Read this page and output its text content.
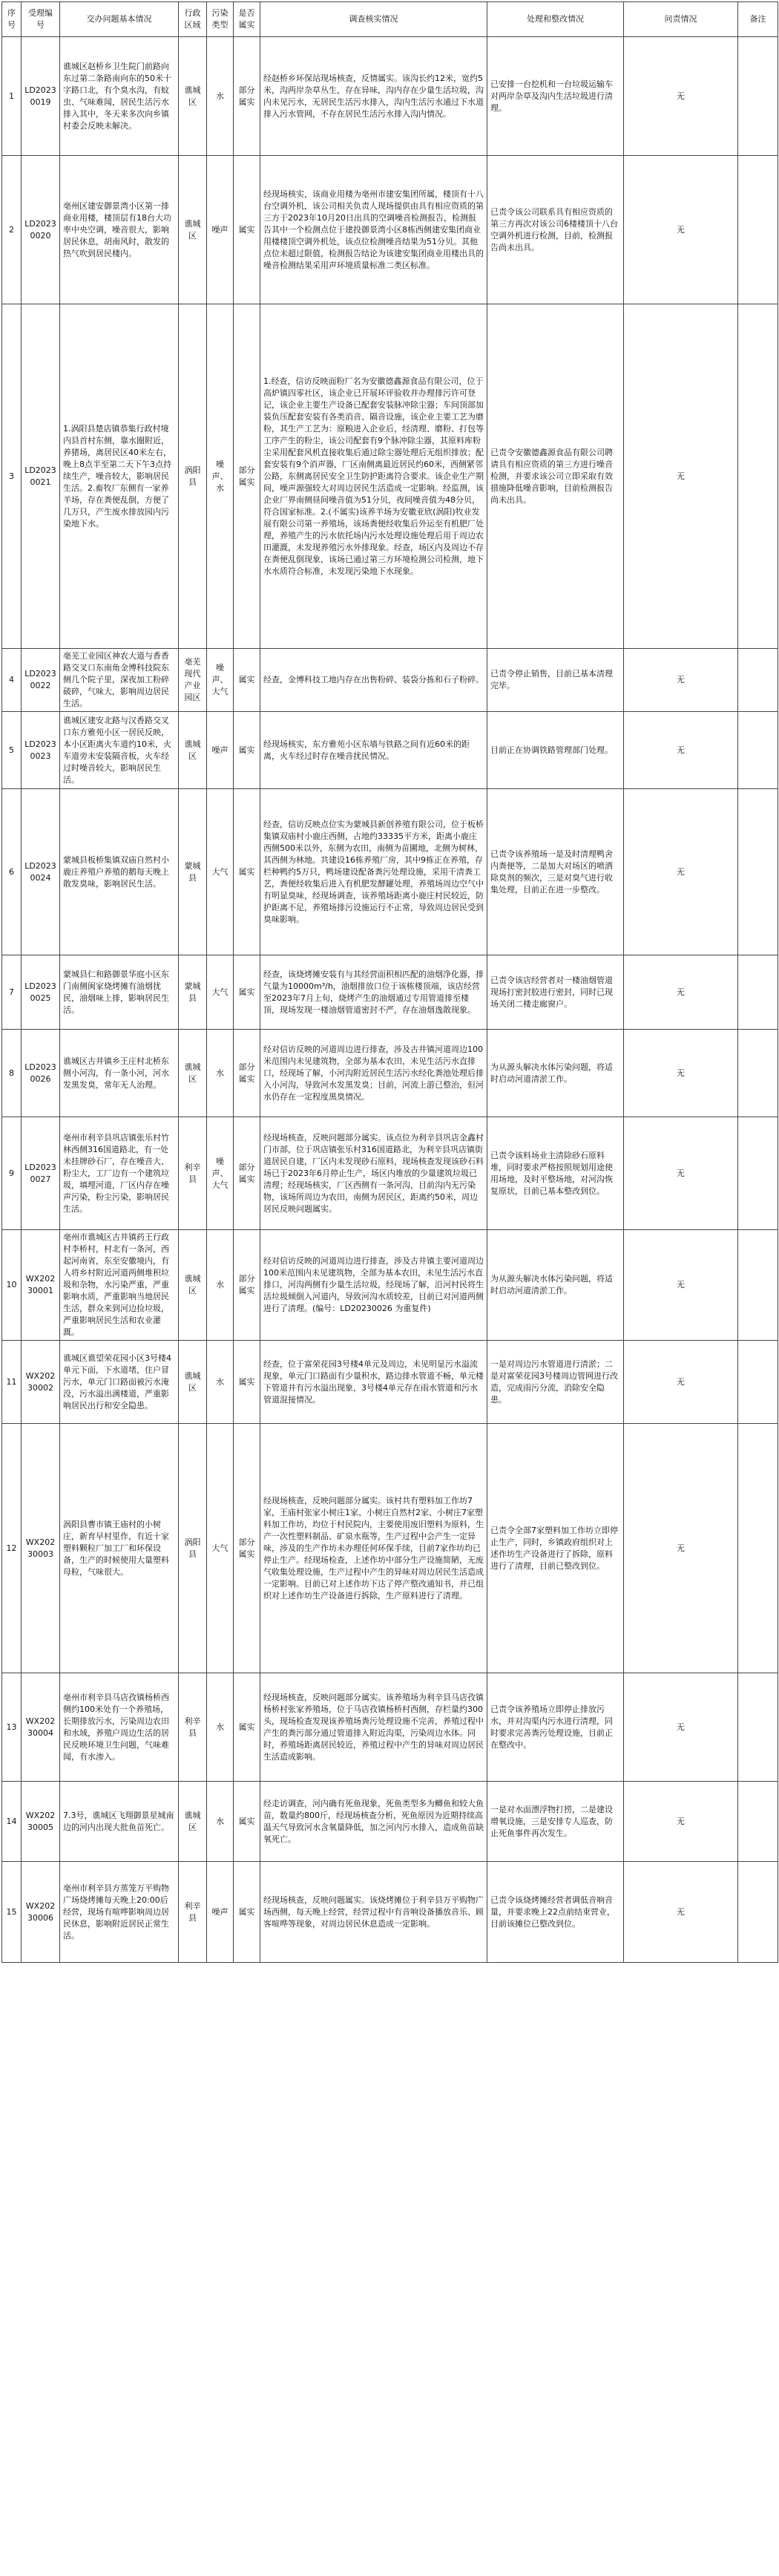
序号	受理编号	交办问题基本情况	行政区域	污染类型	是否属实	调查核实情况	处理和整改情况	问责情况	备注
1	LD20230019	谯城区赵桥乡卫生院门前路向东过第二条路南向东的50米十字路口北，有个臭水沟，有蚊虫、气味难闻，居民生活污水排入其中，冬天来多次向乡镇村委会反映未解决。	谯城区	水	部分属实	经赵桥乡环保站现场核查，反情属实。该沟长约12米，宽约5米，沟两岸杂草丛生，存在异味，沟内存在少量生活垃圾，沟内未见污水，无居民生活污水排入，沟内生活污水通过下水道排入污水管网，不存在居民生活污水排入沟内情况。	已安排一台挖机和一台垃圾运输车对两岸杂草及沟内生活垃圾进行清理。	无	
2	LD20230020	亳州区建安御景湾小区第一排商业用楼，楼顶层有18台大功率中央空调，噪音很大，影响居民休息，胡南风时，散发的热气吹到居民楼内。	谯城区	噪声	属实	经现场核实，该商业用楼为亳州市建安集团所属，楼顶有十八台空调外机，该公司相关负责人现场提供由具有相应资质的第三方于2023年10月20日出具的空调噪音检测报告，检测报告其中一个检测点位于建投御景湾小区8栋西侧建安集团商业用楼楼顶空调外机处，该点位检测噪音结果为51分贝。其他点位未超过限值，检测报告结论为该建安集团商业用楼出具的噪音检测结果采用声环境质量标准二类区标准。	已责令该公司联系具有相应资质的第三方再次对该公司6楼楼顶十八台空调外机进行检测，目前，检测报告尚未出具。	无	
3	LD20230021	1.涡阳县楚店镇恭集行政村境内县首村东侧，靠水圈附近，养猪场，离居民区40米左右，晚上8点半至第二天下午3点持续生产，噪音较大，影响居民生活。2.畜牧厂东侧有一家养羊场，存在粪便乱倒，方便了几万只，产生废水排放园内污染地下水。	涡阳县	噪声、水	部分属实	1.经查，信访反映面粉厂名为安徽德鑫源食品有限公司，位于高炉镇四零社区，该企业已开展环评验收并办理排污许可登记，该企业主要生产设备已配套安装脉冲除尘器；车间顶部加装负压配套安装有各类消音、隔音设施，该企业主要工艺为磨粉，其生产工艺为：原粮进入企业后，经清理、磨粉、打包等工序产生的粉尘，该公司配套有9个脉冲除尘器，其原料库粉尘采用配套风机直接收集后通过除尘器处理后无组织排放；配套安装有9个消声器，厂区南侧离最近居民约60米，西侧紧邻公路，东侧离居民安全卫生防护距离符合要求。该企业生产期间，噪声源强较大对周边居民生活造成一定影响。经监测，该企业厂界南侧昼间噪音值为51分贝，夜间噪音值为48分贝，符合国家标准。2.(不属实)该养羊场为安徽亚欣(涡阳)牧业发展有限公司第一养殖场，该场粪便经收集后外运至有机肥厂处理，养殖产生的污水依托场内污水处理设施处理后用于周边农田灌溉，未发现养殖污水外排现象。经查，场区内及周边不存在粪便乱倒现象，该场已通过第三方环境检测公司检测，地下水水质符合标准，未发现污染地下水现象。	已责令安徽德鑫源食品有限公司聘请具有相应资质的第三方进行噪音检测，并要求该公司立即采取有效措施降低噪音影响，目前检测报告尚未出具。	无	
4	LD20230022	亳芜工业园区神农大道与香香路交叉口东南角金博科技院东侧几个院子里，深夜加工粉碎破碎，气味大，影响周边居民生活。	亳芜现代产业园区	噪声、大气	属实	经查，金博科技工地内存在出售粉碎、装袋分拣和石子粉碎。	已责令停止销售，目前已基本清理完毕。	无	
5	LD20230023	谯城区建安北路与汉香路交叉口东方雅苑小区一居民反映，本小区距离火车道约10米，火车道旁未安装隔音板，火车经过时噪音较大，影响居民生活。	谯城区	噪声	属实	经现场核实，东方雅苑小区东墙与铁路之间有近60米的距离，火车经过时存在噪音扰民情况。	目前正在协调铁路管理部门处理。	无	
6	LD20230024	蒙城县板桥集镇双庙自然村小鹿庄养殖户养殖的鹅每天晚上散发臭味，影响居民生活。	蒙城县	大气	属实	经查，信访反映点位实为蒙城县新创养殖有限公司，位于板桥集镇双庙村小鹿庄西侧，占地约33335平方米，距离小鹿庄西侧500米以外，东侧为农田，南侧为苗圃地，北侧为树林，其西侧为林地。共建设16栋养殖厂房，其中9栋正在养殖，存栏种鸭约5万只，鸭场建设配备粪污处理设施，采用干清粪工艺，粪便经收集后进入有机肥发酵罐处理，养殖场周边空气中有明显臭味，经现场调查，该养殖场距离小鹿庄村民较近，防护距离不足，养殖场排污设施运行不正常，导致周边居民受到臭味影响。	已责令该养殖场一是及时清理鸭舍内粪便等，二是加大对场区的喷洒除臭剂的频次，三是对臭气进行收集处理，目前正在进一步整改。	无	
7	LD20230025	蒙城县仁和路御景华庭小区东门南侧闽家烧烤摊有油烟扰民，油烟味上排，影响居民生活。	蒙城县	大气	属实	经查，该烧烤摊安装有与其经营面积相匹配的油烟净化器，排气量为10000m³/h，油烟排放口位于该栋楼顶端，该店经营至2023年7月上旬，烧烤产生的油烟通过专用管道排至楼顶，现场发现一楼油烟管道密封不严，存在油烟逸散现象。	已责令该店经营者对一楼油烟管道现场打密封胶进行密封，同时已现场关闭二楼走廊窗户。	无	
8	LD20230026	谯城区古井镇乡王庄村北桥东侧小河沟，有一条小河，河水发黑发臭，常年无人治理。	谯城区	水	部分属实	经对信访反映的河道周边进行排查，涉及古井镇河道周边100米范围内未见建筑物，全部为基本农田，未见生活污水直排口，经现场了解，小河沟附近居民生活污水经化粪池处理后排入小河沟，导致河水发黑发臭；目前，河流上游已整治，但河水仍存在一定程度黑臭情况。	为从源头解决水体污染问题，将适时启动河道清淤工作。	无	
9	LD20230027	亳州市利辛县巩店镇张乐村竹林西侧316国道路北，有一处未挂牌砂石厂，存在噪音大、粉尘大，工厂边有一个建筑垃圾，填埋河道，厂区内存在噪声污染，粉尘污染，影响居民生活。	利辛县	噪声、大气	部分属实	经现场核查，反映问题部分属实。该点位为利辛县巩店金鑫村门市部，位于巩店镇张乐村316国道路北，为利辛县巩店镇街道居民自建，厂区内未发现砂石原料，现场核查发现该砂石料场已于2023年6月停止生产，场区内堆放的少量建筑垃圾已清理；经现场核实，厂区西侧有一条河沟，目前沟内无污染物，该场所周边为农田，南侧为居民区，距离约50米，周边居民反映问题属实。	已责令该料场业主清除砂石原料堆，同时要求严格按照规划用途使用场地，及时平整场地，对河沟恢复原状，目前已基本整改到位。	无	
10	WX20230001	亳州市谯城区古井镇药王行政村李桥村，村北有一条河，西起河南省，东至安徽境内，有人将乡村附近河道两侧堆积垃圾和杂物，水污染严重，严重影响水质，严重影响当地居民生活，群众来到河边捡垃圾，严重影响居民生活和农业灌溉。	谯城区	水	部分属实	经对信访反映的河道周边进行排查，涉及古井镇主要河道周边100米范围内未见建筑物，全部为基本农田，未见生活污水直排口，河沟两侧有少量生活垃圾，经现场了解，沿河村民将生活垃圾倾倒入河道内，导致河沟水质较差，目前已对河道两侧进行了清理。(编号：LD20230026 为重复件)	为从源头解决水体污染问题，将适时启动河道清淤工作。	无	
11	WX20230002	谯城区谯望荣花园小区3号楼4单元下面，下水道堵，住户冒污水，单元门口路面被污水淹没，污水溢出满楼道，严重影响居民出行和安全隐患。	谯城区	水	属实	经查，位于富荣花园3号楼4单元及周边，未见明显污水溢流现象，单元门口路面有少量积水，路边排水管道不畅，单元楼下管道井有污水溢出现象，3号楼4单元存在雨水管道和污水管道混接情况。	一是对周边污水管道进行清淤；二是对富荣花园3号楼周边管网进行改造，完成雨污分流，消除安全隐患。	无	
12	WX20230003	涡阳县曹市镇王庙村的小树庄，新育早村里作，有近十家塑料颗粒厂加工厂和环保设备，生产的时候使用大量塑料母粒，气味很大。	涡阳县	大气	部分属实	经现场核查，反映问题部分属实。该村共有塑料加工作坊7家，王庙村张家小树庄1家、小树庄自然村2家、小树庄7家塑料加工作坊，均位于村民院内，主要使用废旧塑料为原料，生产一次性塑料制品、矿泉水瓶等，生产过程中会产生一定异味，涉及的生产作坊未办理任何环保手续，目前7家作坊均已停止生产。经现场检查，上述作坊中部分生产设施简陋，无废气收集处理设施，生产过程中产生的异味对周边居民生活造成一定影响。目前已对上述作坊下达了停产整改通知书，并已组织对上述作坊生产设备进行拆除，生产原料进行了清理。	已责令全部7家塑料加工作坊立即停止生产，同时，乡镇政府组织对上述作坊生产设备进行了拆除，原料进行了清理，目前已整改到位。	无	
13	WX20230004	亳州市利辛县马店孜镇杨桥西侧约100米处有一个养殖场，长期排放污水，污染周边农田和水域，养殖户周边生活的居民反映环境卫生问题，气味难闻，有水渗入。	利辛县	水	属实	经现场核查，反映问题部分属实。该养殖场为利辛县马店孜镇杨桥村张家养殖场，位于马店孜镇杨桥村西侧，存栏量约300头，现场检查发现该养殖场粪污处理设施不完善，养殖过程中产生的粪污部分通过管道排入附近沟渠，污染周边水体。同时，养殖场距离居民较近，养殖过程中产生的异味对周边居民生活造成影响。	已责令该养殖场立即停止排放污水，并对沟渠内污水进行清理，同时要求完善粪污处理设施，目前正在整改中。	无	
14	WX20230005	7.3号，谯城区飞翔御景星城南边的河内出现大批鱼苗死亡。	谯城区	水	属实	经走访调查，河内确有死鱼现象，死鱼类型多为鲫鱼和较大鱼苗，数量约800斤，经现场核查分析，死鱼原因为近期持续高温天气导致河水含氧量降低，加之河内污水排入，造成鱼苗缺氧死亡。	一是对水面漂浮物打捞，二是建设增氧设施，三是安排专人巡查，防止死鱼事件再次发生。	无	
15	WX20230006	亳州市利辛县方蒸笼万平购物广场烧烤摊每天晚上20:00后经营，现场有喧哗影响周边居民休息，影响附近居民正常生活。	利辛县	噪声	属实	经现场核查，反映问题属实。该烧烤摊位于利辛县万平购物广场西侧，每天晚上经营，经营过程中有音响设备播放音乐、顾客喧哗等现象，对周边居民休息造成一定影响。	已责令该烧烤摊经营者调低音响音量，并要求晚上22点前结束营业，目前该摊位已整改到位。	无	
